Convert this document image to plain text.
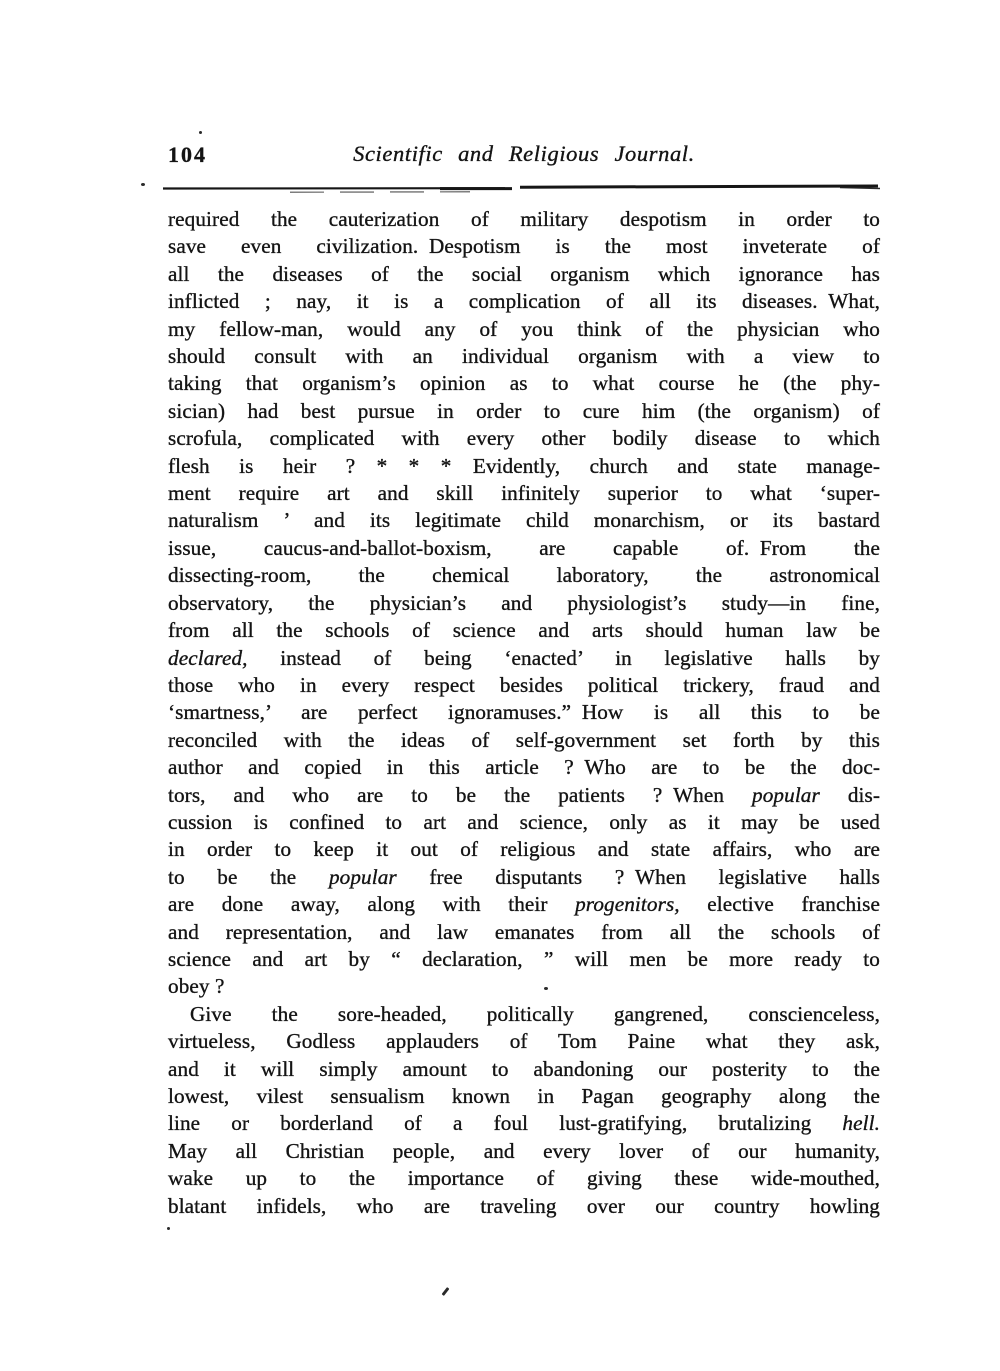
104	Scientific and Religious Journal.
required the cauterization of military despotism in order to
save even civilization. Despotism is the most inveterate of
all the diseases of the social organism which ignorance has
inflicted ; nay, it is a complication of all its diseases. What,
my fellow-man, would any of you think of the physician who
should consult with an individual organism with a view to
taking that organism’s opinion as to what course he (the phy-
sician) had best pursue in order to cure him (the organism) of
scrofula, complicated with every other bodily disease to which
flesh is heir ?  *  *  *  Evidently, church and state manage-
ment require art and skill infinitely superior to what ‘super-
naturalism ’ and its legitimate child monarchism, or its bastard
issue, caucus-and-ballot-boxism, are capable of. From the
dissecting-room, the chemical laboratory, the astronomical
observatory, the physician’s and physiologist’s study—in fine,
from all the schools of science and arts should human law be
declared, instead of being ‘enacted’ in legislative halls by
those who in every respect besides political trickery, fraud and
‘smartness,’ are perfect ignoramuses.” How is all this to be
reconciled with the ideas of self-government set forth by this
author and copied in this article ? Who are to be the doc-
tors, and who are to be the patients ? When popular dis-
cussion is confined to art and science, only as it may be used
in order to keep it out of religious and state affairs, who are
to be the popular free disputants ? When legislative halls
are done away, along with their progenitors, elective franchise
and representation, and law emanates from all the schools of
science and art by “ declaration, ” will men be more ready to
obey ?
Give the sore-headed, politically gangrened, conscienceless,
virtueless, Godless applauders of Tom Paine what they ask,
and it will simply amount to abandoning our posterity to the
lowest, vilest sensualism known in Pagan geography along the
line or borderland of a foul lust-gratifying, brutalizing hell.
May all Christian people, and every lover of our humanity,
wake up to the importance of giving these wide-mouthed,
blatant infidels, who are traveling over our country howling
